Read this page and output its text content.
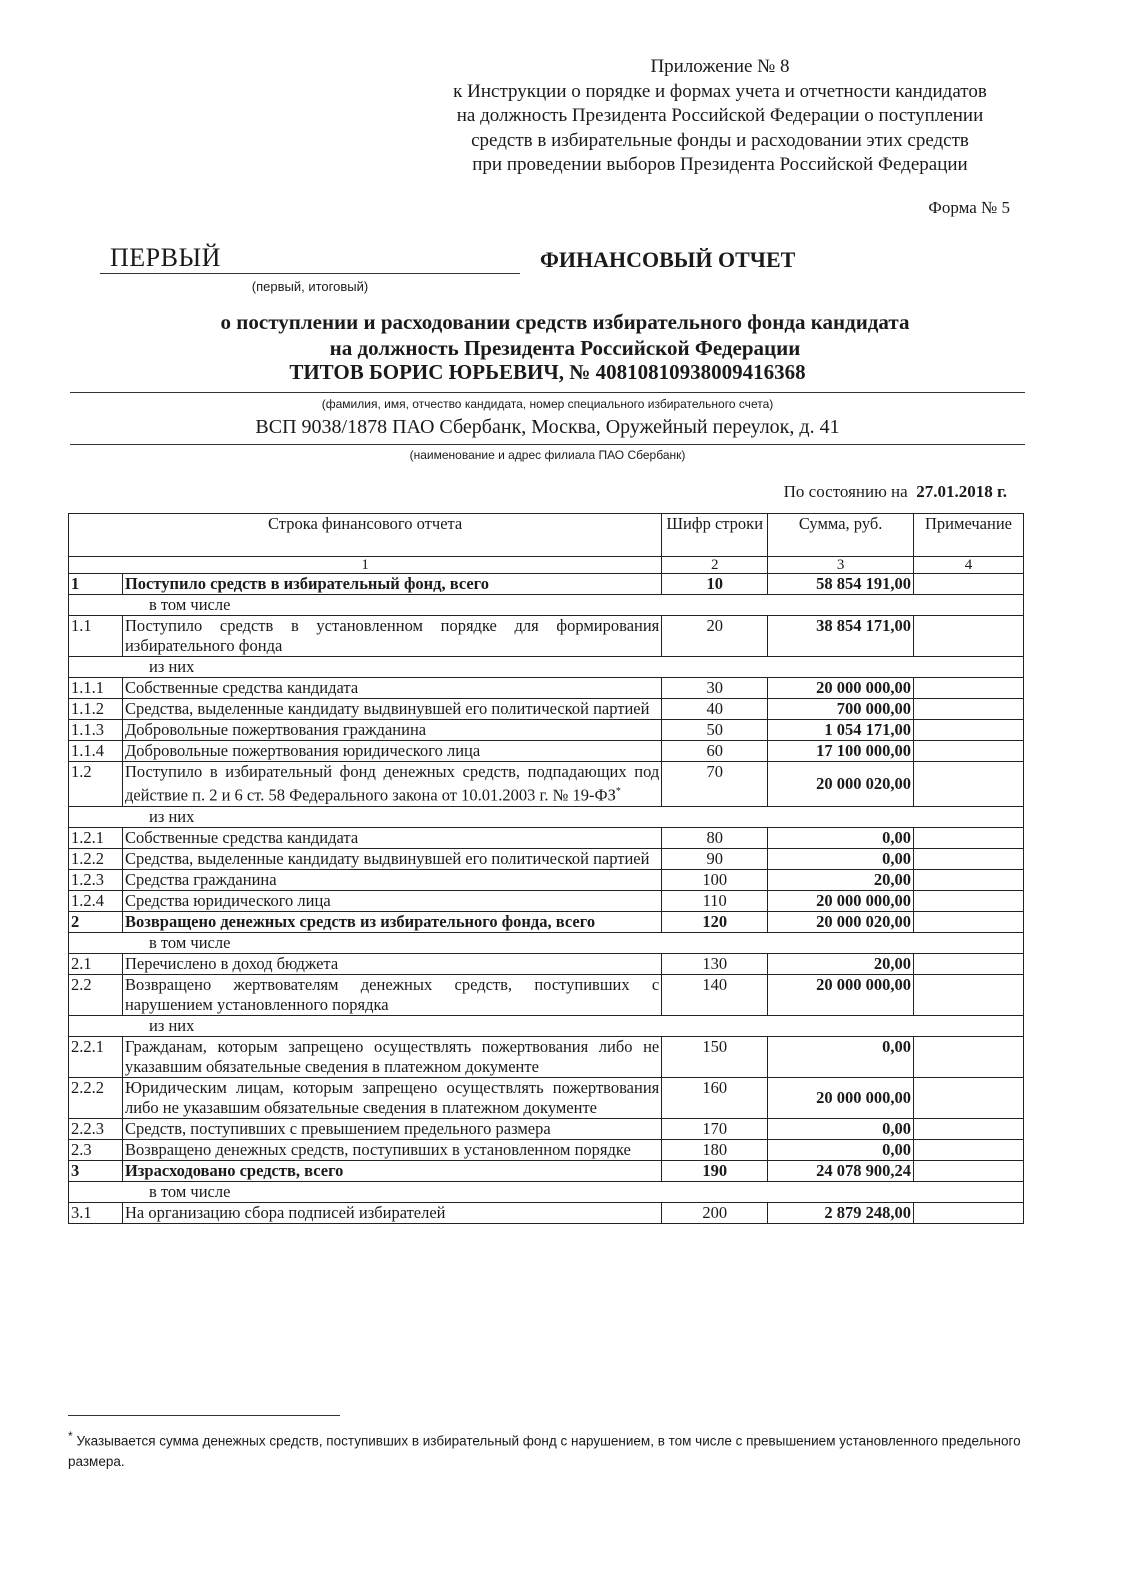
Приложение № 8
к Инструкции о порядке и формах учета и отчетности кандидатов
на должность Президента Российской Федерации о поступлении
средств в избирательные фонды и расходовании этих средств
при проведении выборов Президента Российской Федерации
Форма № 5
ПЕРВЫЙ
(первый, итоговый)
ФИНАНСОВЫЙ ОТЧЕТ
о поступлении и расходовании средств избирательного фонда кандидата
на должность Президента Российской Федерации
ТИТОВ БОРИС ЮРЬЕВИЧ, № 40810810938009416368
(фамилия, имя, отчество кандидата, номер специального избирательного счета)
ВСП 9038/1878 ПАО Сбербанк, Москва, Оружейный переулок, д. 41
(наименование и адрес филиала ПАО Сбербанк)
По состоянию на 27.01.2018 г.
Строка финансового отчета		Шифр строки	Сумма, руб.	Примечание
1		2	3	4
1	Поступило средств в избирательный фонд, всего	10	58 854 191,00	
в том числе				
1.1	Поступило средств в установленном порядке для формирования избирательного фонда	20	38 854 171,00	
из них				
1.1.1	Собственные средства кандидата	30	20 000 000,00	
1.1.2	Средства, выделенные кандидату выдвинувшей его политической партией	40	700 000,00	
1.1.3	Добровольные пожертвования гражданина	50	1 054 171,00	
1.1.4	Добровольные пожертвования юридического лица	60	17 100 000,00	
1.2	Поступило в избирательный фонд денежных средств, подпадающих под действие п. 2 и 6 ст. 58 Федерального закона от 10.01.2003 г. № 19-ФЗ*	70	20 000 020,00	
из них				
1.2.1	Собственные средства кандидата	80	0,00	
1.2.2	Средства, выделенные кандидату выдвинувшей его политической партией	90	0,00	
1.2.3	Средства гражданина	100	20,00	
1.2.4	Средства юридического лица	110	20 000 000,00	
2	Возвращено денежных средств из избирательного фонда, всего	120	20 000 020,00	
в том числе				
2.1	Перечислено в доход бюджета	130	20,00	
2.2	Возвращено жертвователям денежных средств, поступивших с нарушением установленного порядка	140	20 000 000,00	
из них				
2.2.1	Гражданам, которым запрещено осуществлять пожертвования либо не указавшим обязательные сведения в платежном документе	150	0,00	
2.2.2	Юридическим лицам, которым запрещено осуществлять пожертвования либо не указавшим обязательные сведения в платежном документе	160	20 000 000,00	
2.2.3	Средств, поступивших с превышением предельного размера	170	0,00	
2.3	Возвращено денежных средств, поступивших в установленном порядке	180	0,00	
3	Израсходовано средств, всего	190	24 078 900,24	
в том числе				
3.1	На организацию сбора подписей избирателей	200	2 879 248,00	
* Указывается сумма денежных средств, поступивших в избирательный фонд с нарушением, в том числе с превышением установленного предельного размера.
